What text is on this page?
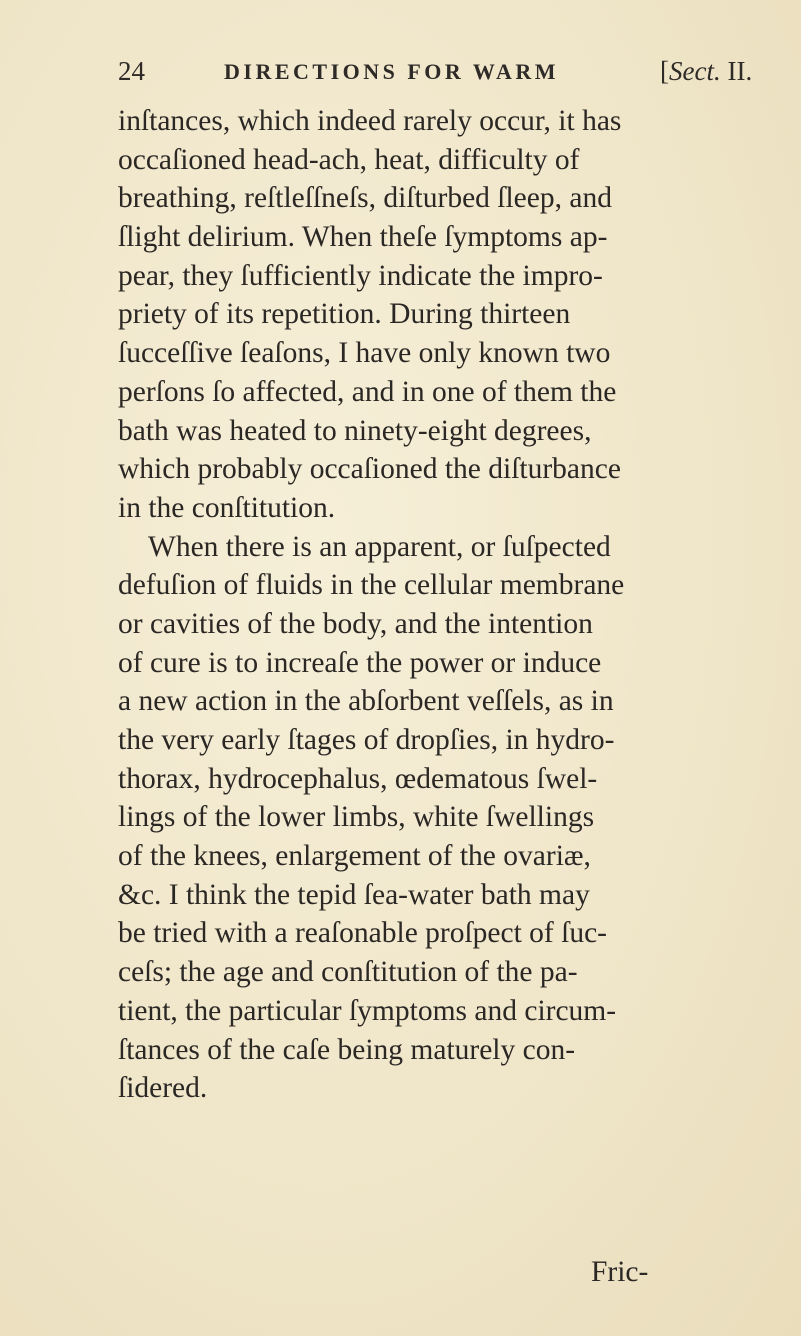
24	DIRECTIONS FOR WARM	[Sect. II.
inſtances, which indeed rarely occur, it has
occaſioned head-ach, heat, difficulty of
breathing, reſtleſſneſs, diſturbed ſleep, and
ſlight delirium. When theſe ſymptoms ap-
pear, they ſufficiently indicate the impro-
priety of its repetition. During thirteen
ſucceſſive ſeaſons, I have only known two
perſons ſo affected, and in one of them the
bath was heated to ninety-eight degrees,
which probably occaſioned the diſturbance
in the conſtitution.
When there is an apparent, or ſuſpected
defuſion of fluids in the cellular membrane
or cavities of the body, and the intention
of cure is to increaſe the power or induce
a new action in the abſorbent veſſels, as in
the very early ſtages of dropſies, in hydro-
thorax, hydrocephalus, œdematous ſwel-
lings of the lower limbs, white ſwellings
of the knees, enlargement of the ovariæ,
&c. I think the tepid ſea-water bath may
be tried with a reaſonable proſpect of ſuc-
ceſs; the age and conſtitution of the pa-
tient, the particular ſymptoms and circum-
ſtances of the caſe being maturely con-
ſidered.
Fric-
